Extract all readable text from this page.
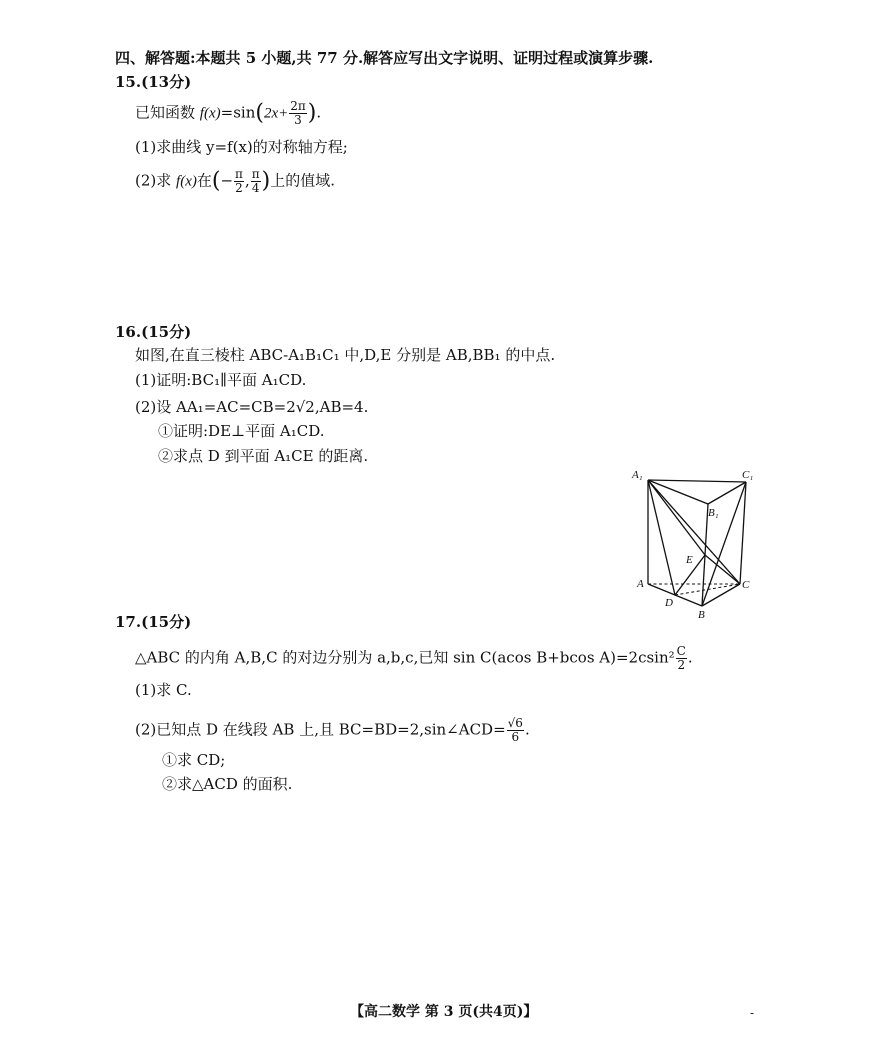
四、解答题:本题共 5 小题,共 77 分.解答应写出文字说明、证明过程或演算步骤.
15.(13分)
已知函数 $f(x)=\sin(2x+ \frac{2\pi}{3}$ ).
(1)求曲线 y=f(x)的对称轴方程;
(2)求 f(x)在(− $\frac{\pi}{2}$ , $\frac{\pi}{4}$ )上的值域.
16.(15分)
如图,在直三棱柱 ABC-A₁B₁C₁ 中,D,E 分别是 AB,BB₁ 的中点.
(1)证明:BC₁∥平面 A₁CD.
(2)设 AA₁=AC=CB=2√2,AB=4.
①证明:DE⊥平面 A₁CD.
②求点 D 到平面 A₁CE 的距离.
A₁	C₁
B₁
E
A	C
D
B
17.(15分)
△ABC 的内角 A,B,C 的对边分别为 a,b,c,已知 sin C(acos B+bcos $A)=2csin^2 \frac{C}{2}$ .
(1)求 C.
(2)已知点 D 在线段 AB 上,且 BC=BD=2,sin∠ACD= $\frac{√6}{6}$ .
①求 CD;
②求△ACD 的面积.
【高二数学 第 3 页(共4页)】	-
